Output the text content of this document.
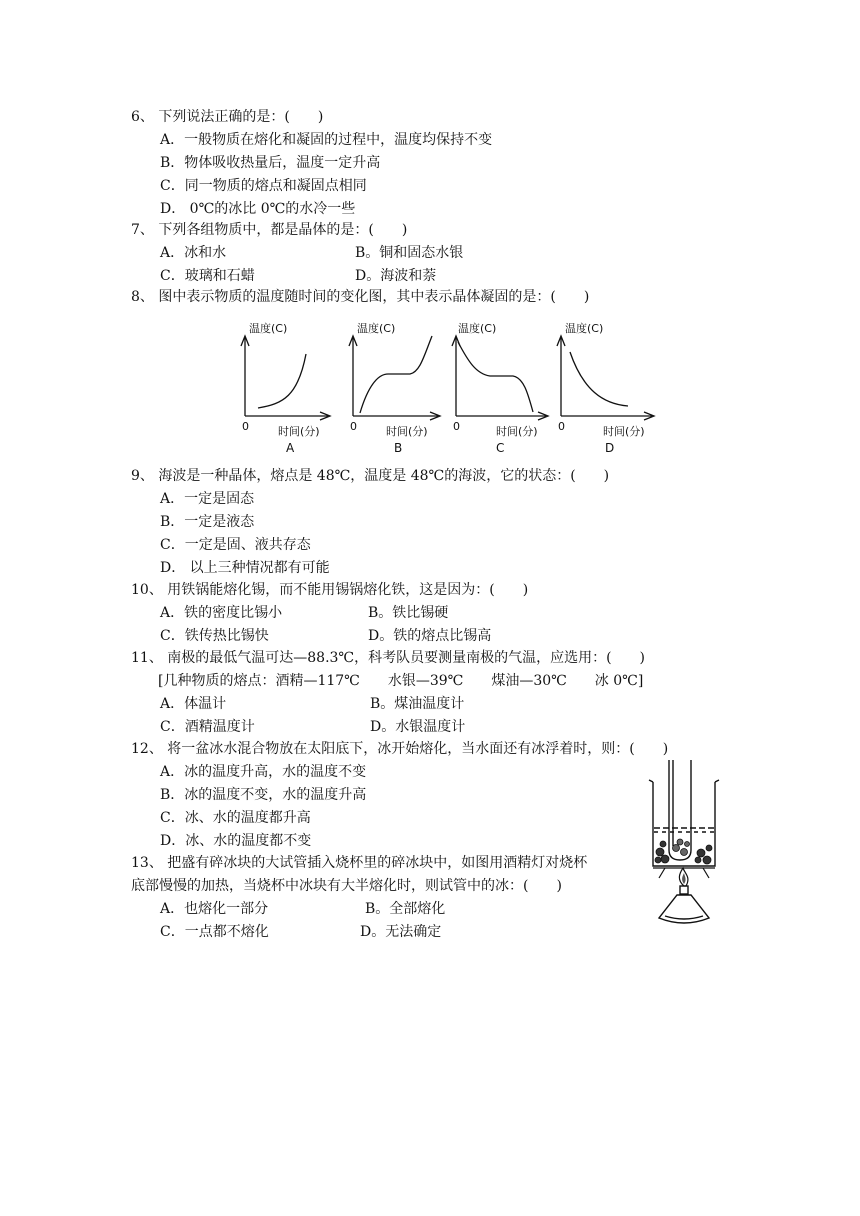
6、 下列说法正确的是：(　　)
A．一般物质在熔化和凝固的过程中，温度均保持不变
B．物体吸收热量后，温度一定升高
C．同一物质的熔点和凝固点相同
D． 0℃的冰比 0℃的水冷一些
7、 下列各组物质中，都是晶体的是：(　　)
A．冰和水	B。铜和固态水银
C．玻璃和石蜡	D。海波和萘
8、 图中表示物质的温度随时间的变化图，其中表示晶体凝固的是：(　　)
温度(C)
0	时间(分)
A
温度(C)
0	时间(分)
B
温度(C)
0	时间(分)
C
温度(C)
0	时间(分)
D
9、 海波是一种晶体，熔点是 48℃，温度是 48℃的海波，它的状态：(　　)
A．一定是固态
B．一定是液态
C．一定是固、液共存态
D． 以上三种情况都有可能
10、 用铁锅能熔化锡，而不能用锡锅熔化铁，这是因为：(　　)
A．铁的密度比锡小	B。铁比锡硬
C．铁传热比锡快	D。铁的熔点比锡高
11、 南极的最低气温可达—88.3℃，科考队员要测量南极的气温，应选用：(　　)
[几种物质的熔点：酒精—117℃　　水银—39℃　　煤油—30℃　　冰 0℃]
A．体温计	B。煤油温度计
C．酒精温度计	D。水银温度计
12、 将一盆冰水混合物放在太阳底下，冰开始熔化，当水面还有冰浮着时，则：(　　)
A．冰的温度升高，水的温度不变
B．冰的温度不变，水的温度升高
C．冰、水的温度都升高
D．冰、水的温度都不变
13、 把盛有碎冰块的大试管插入烧杯里的碎冰块中，如图用酒精灯对烧杯
底部慢慢的加热，当烧杯中冰块有大半熔化时，则试管中的冰：(　　)
A．也熔化一部分	B。全部熔化
C．一点都不熔化	D。无法确定
